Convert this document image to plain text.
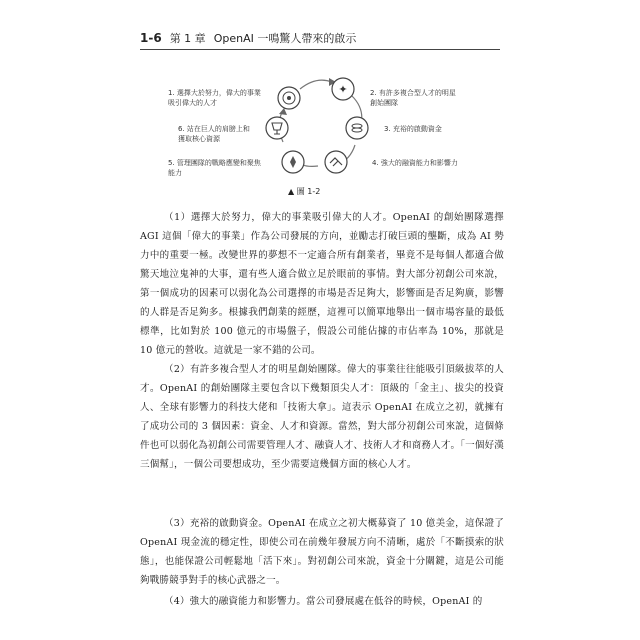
1-6 第 1 章 OpenAI 一鳴驚人帶來的啟示
✦
1. 選擇大於努力，偉大的事業
吸引偉大的人才
2. 有許多複合型人才的明星
創始團隊
3. 充裕的啟動資金
4. 強大的融資能力和影響力
5. 管理團隊的戰略應變和聚焦
能力
6. 站在巨人的肩膀上和
獲取核心資源
▲ 圖 1-2

（1）選擇大於努力，偉大的事業吸引偉大的人才。OpenAI 的創始團隊選擇 AGI 這個「偉大的事業」作為公司發展的方向，並勵志打破巨頭的壟斷，成為 AI 勢力中的重要一極。改變世界的夢想不一定適合所有創業者，畢竟不是每個人都適合做驚天地泣鬼神的大事，還有些人適合做立足於眼前的事情。對大部分初創公司來說，第一個成功的因素可以弱化為公司選擇的市場是否足夠大，影響面是否足夠廣，影響的人群是否足夠多。根據我們創業的經歷，這裡可以簡單地舉出一個市場容量的最低標準，比如對於 100 億元的市場盤子，假設公司能佔據的市佔率為 10%，那就是 10 億元的營收。這就是一家不錯的公司。

（2）有許多複合型人才的明星創始團隊。偉大的事業往往能吸引頂級拔萃的人才。OpenAI 的創始團隊主要包含以下幾類頂尖人才：頂級的「金主」、拔尖的投資人、全球有影響力的科技大佬和「技術大拿」。這表示 OpenAI 在成立之初，就擁有了成功公司的 3 個因素：資金、人才和資源。當然，對大部分初創公司來說，這個條件也可以弱化為初創公司需要管理人才、融資人才、技術人才和商務人才。「一個好漢三個幫」，一個公司要想成功，至少需要這幾個方面的核心人才。

（3）充裕的啟動資金。OpenAI 在成立之初大概募資了 10 億美金，這保證了 OpenAI 現金流的穩定性，即使公司在前幾年發展方向不清晰，處於「不斷摸索的狀態」，也能保證公司輕鬆地「活下來」。對初創公司來說，資金十分關鍵，這是公司能夠戰勝競爭對手的核心武器之一。

（4）強大的融資能力和影響力。當公司發展處在低谷的時候，OpenAI 的
